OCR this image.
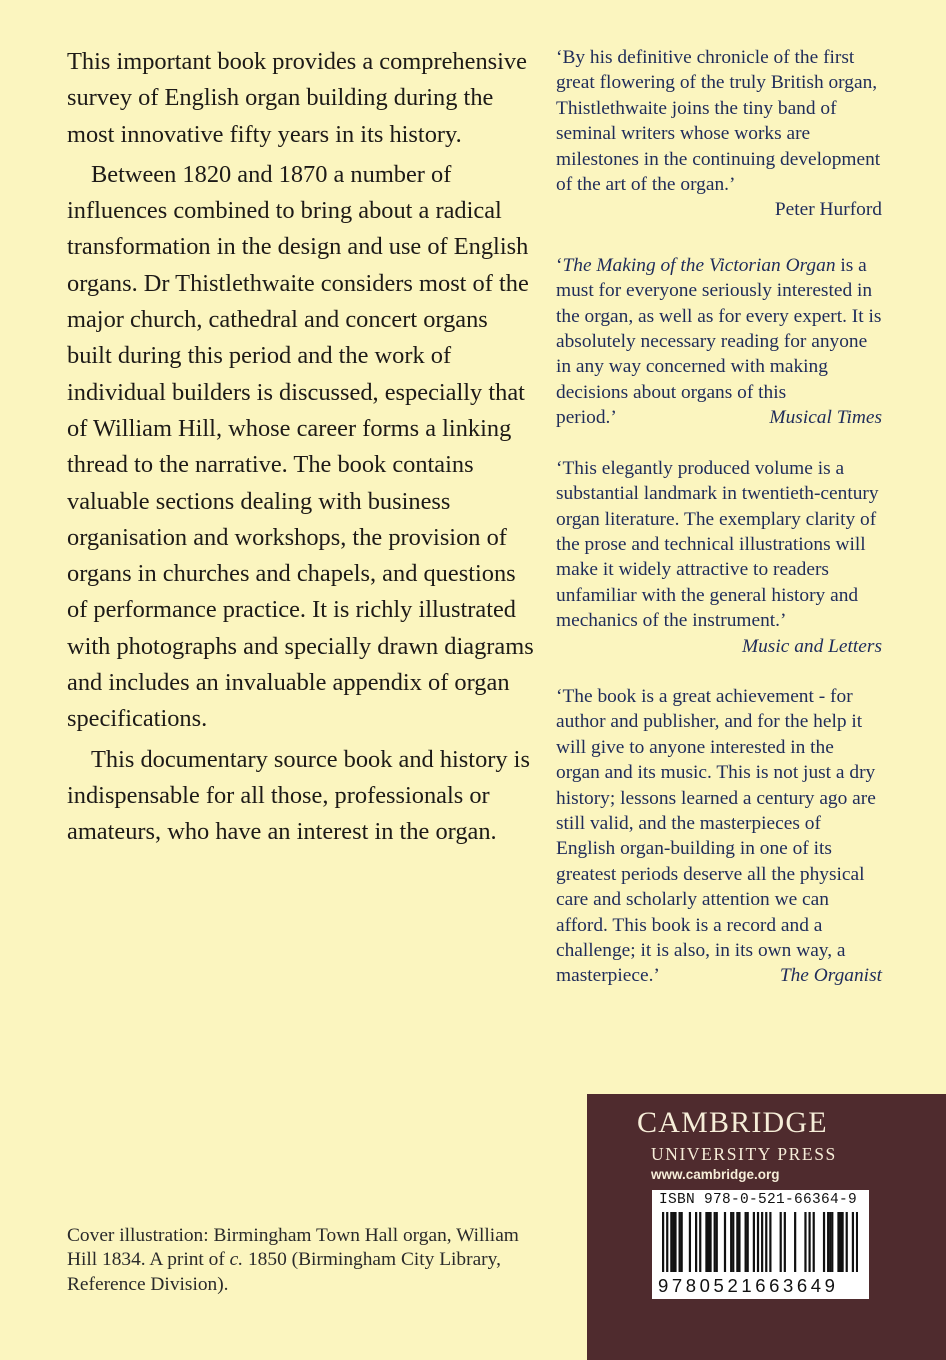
This important book provides a comprehensive survey of English organ building during the most innovative fifty years in its history.

Between 1820 and 1870 a number of influences combined to bring about a radical transformation in the design and use of English organs. Dr Thistlethwaite considers most of the major church, cathedral and concert organs built during this period and the work of individual builders is discussed, especially that of William Hill, whose career forms a linking thread to the narrative. The book contains valuable sections dealing with business organisation and workshops, the provision of organs in churches and chapels, and questions of performance practice. It is richly illustrated with photographs and specially drawn diagrams and includes an invaluable appendix of organ specifications.

This documentary source book and history is indispensable for all those, professionals or amateurs, who have an interest in the organ.

‘By his definitive chronicle of the first great flowering of the truly British organ, Thistlethwaite joins the tiny band of seminal writers whose works are milestones in the continuing development of the art of the organ.’
Peter Hurford
‘The Making of the Victorian Organ is a must for everyone seriously interested in the organ, as well as for every expert. It is absolutely necessary reading for anyone in any way concerned with making decisions about organs of this
period.’	Musical Times
‘This elegantly produced volume is a substantial landmark in twentieth-century organ literature. The exemplary clarity of the prose and technical illustrations will make it widely attractive to readers unfamiliar with the general history and mechanics of the instrument.’
Music and Letters
‘The book is a great achievement - for author and publisher, and for the help it will give to anyone interested in the organ and its music. This is not just a dry history; lessons learned a century ago are still valid, and the masterpieces of English organ-building in one of its greatest periods deserve all the physical care and scholarly attention we can afford. This book is a record and a challenge; it is also, in its own way, a
masterpiece.’	The Organist
Cover illustration: Birmingham Town Hall organ, William Hill 1834. A print of c. 1850 (Birmingham City Library, Reference Division).
CAMBRIDGE
UNIVERSITY PRESS
www.cambridge.org
ISBN 978-0-521-66364-9
9780521663649
